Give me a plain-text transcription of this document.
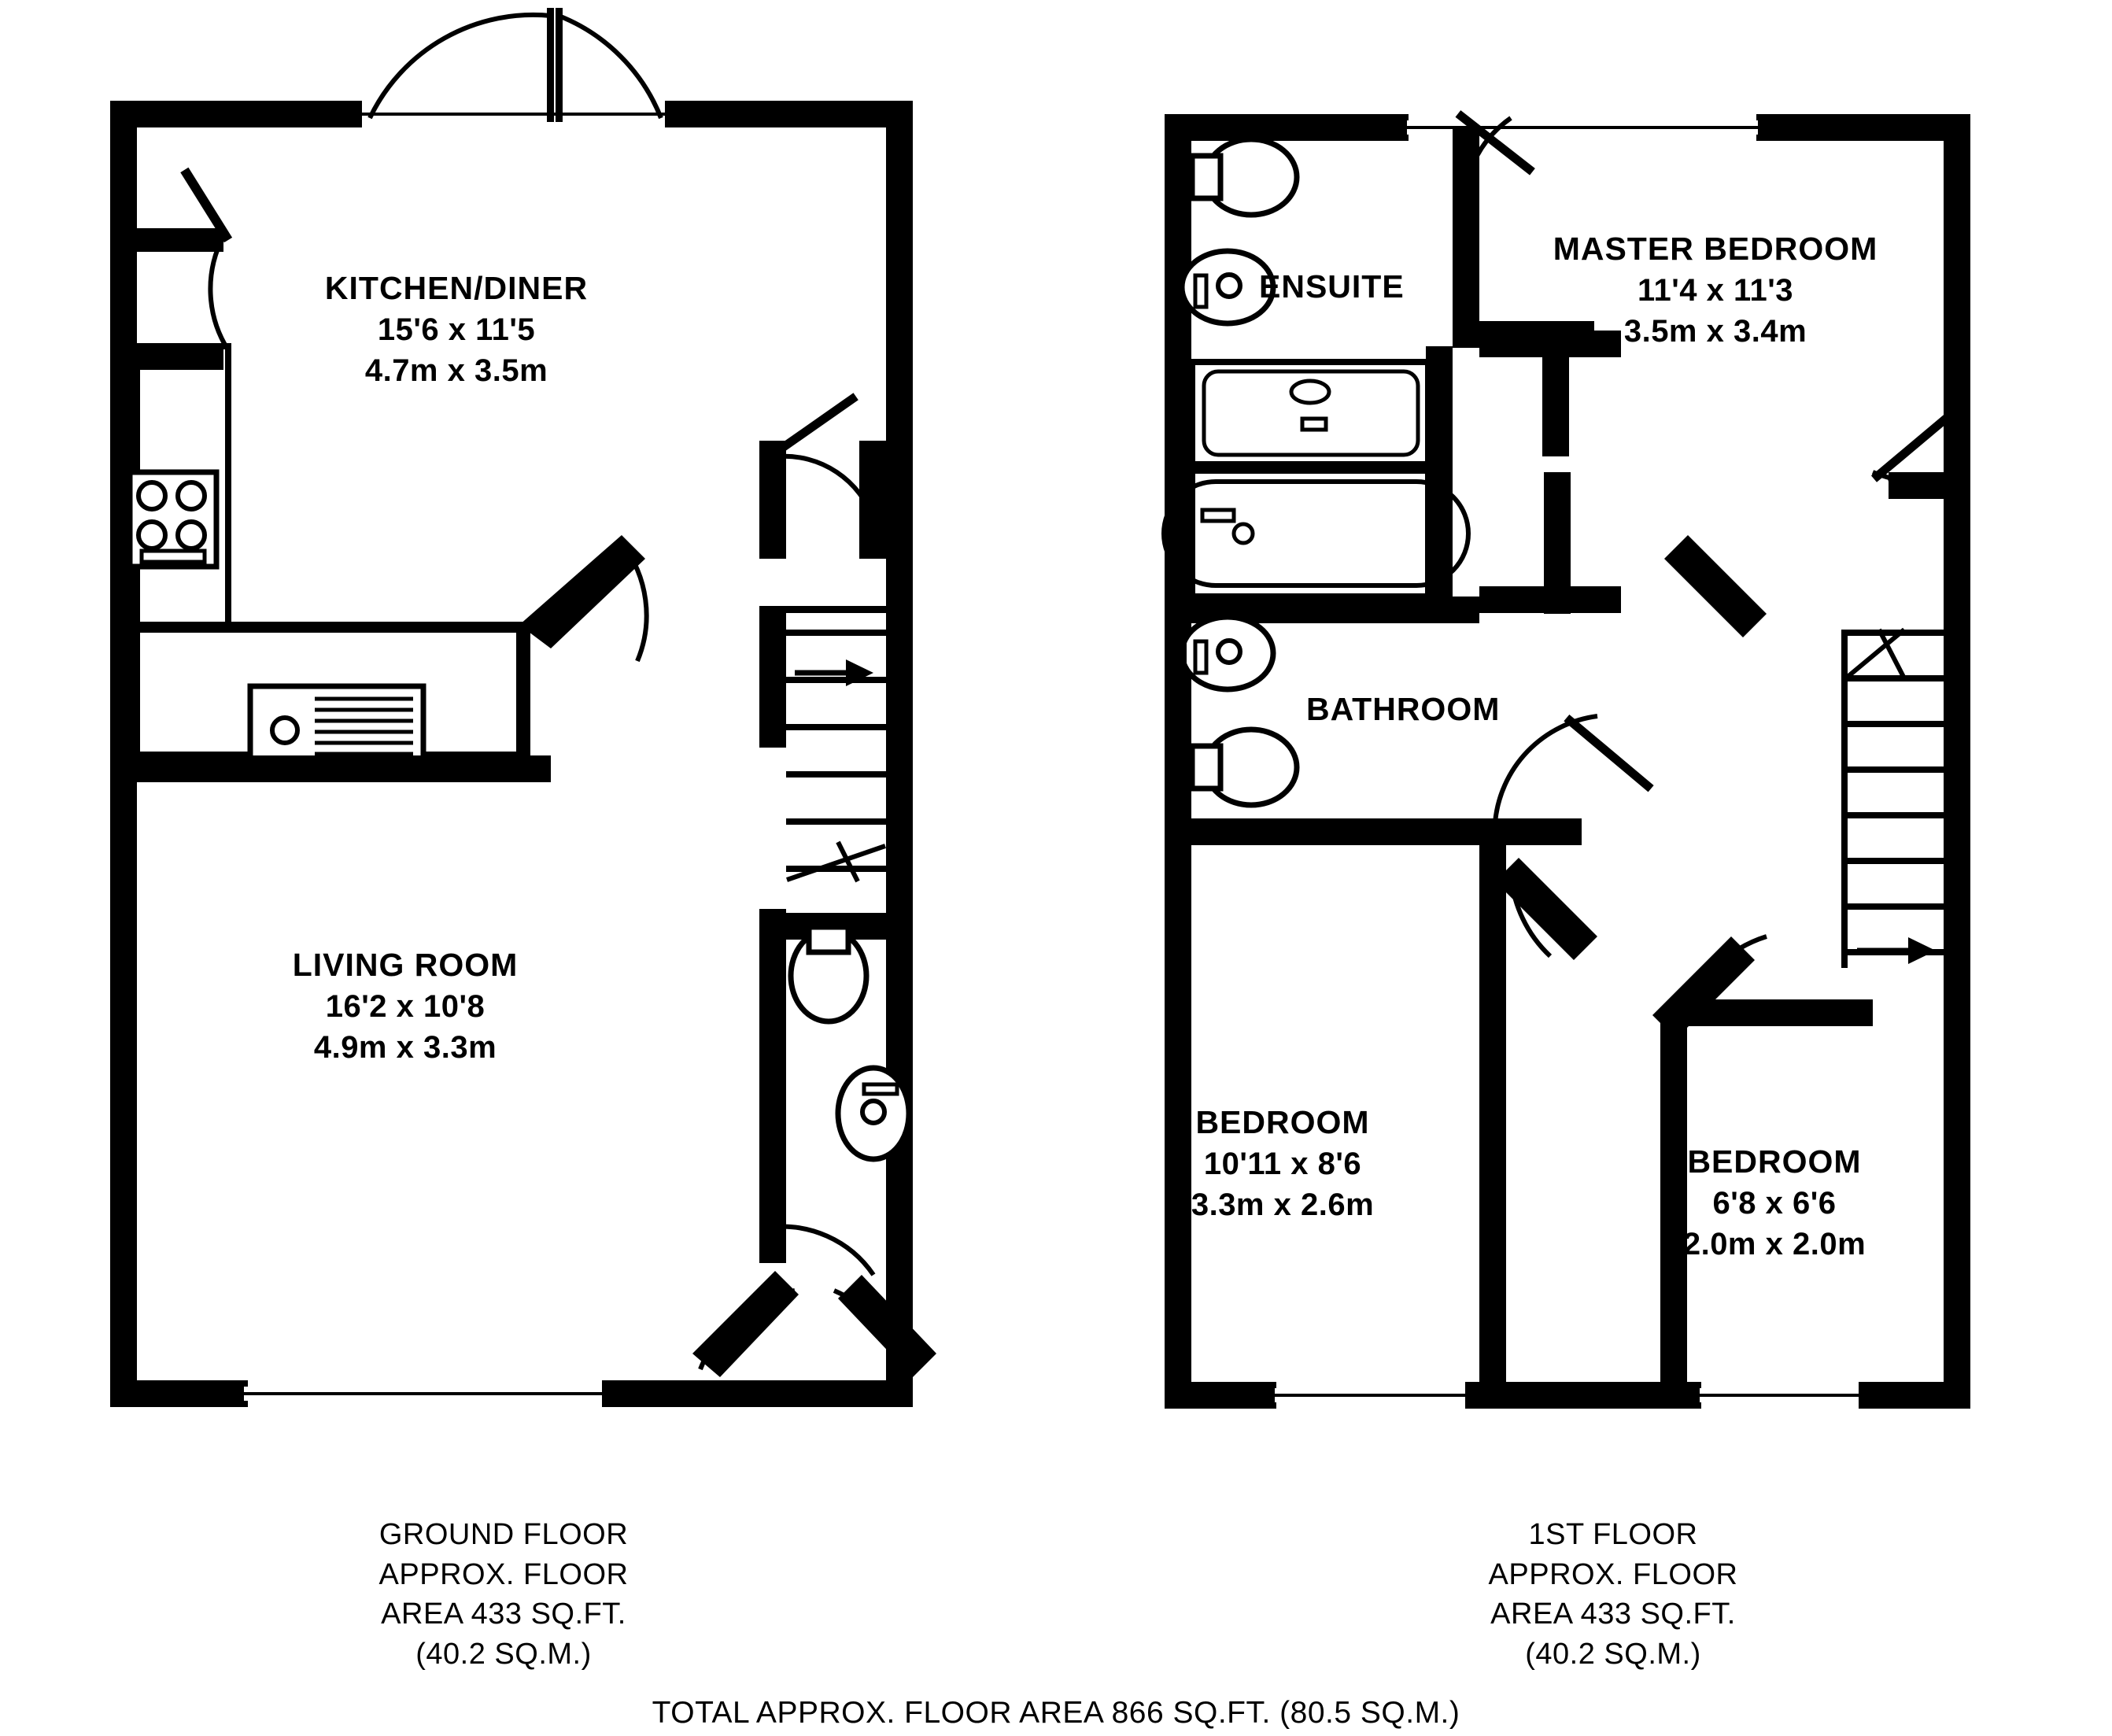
KITCHEN/DINER
15'6 x 11'5
4.7m x 3.5m
LIVING ROOM
16'2 x 10'8
4.9m x 3.3m
MASTER BEDROOM
11'4 x 11'3
3.5m x 3.4m
ENSUITE
BATHROOM
BEDROOM
10'11 x 8'6
3.3m x 2.6m
BEDROOM
6'8 x 6'6
2.0m x 2.0m
GROUND FLOOR
APPROX. FLOOR
AREA 433 SQ.FT.
(40.2 SQ.M.)
1ST FLOOR
APPROX. FLOOR
AREA 433 SQ.FT.
(40.2 SQ.M.)
TOTAL APPROX. FLOOR AREA 866 SQ.FT. (80.5 SQ.M.)
